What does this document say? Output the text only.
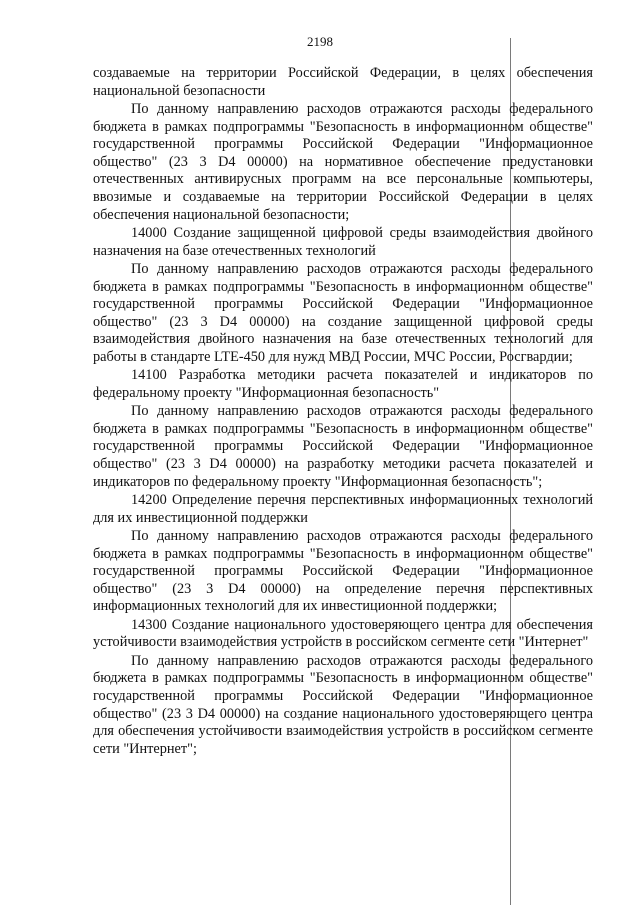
2198

создаваемые на территории Российской Федерации, в целях обеспечения национальной безопасности

По данному направлению расходов отражаются расходы федерального бюджета в рамках подпрограммы "Безопасность в информационном обществе" государственной программы Российской Федерации "Информационное общество" (23 3 D4 00000) на нормативное обеспечение предустановки отечественных антивирусных программ на все персональные компьютеры, ввозимые и создаваемые на территории Российской Федерации в целях обеспечения национальной безопасности;

14000 Создание защищенной цифровой среды взаимодействия двойного назначения на базе отечественных технологий

По данному направлению расходов отражаются расходы федерального бюджета в рамках подпрограммы "Безопасность в информационном обществе" государственной программы Российской Федерации "Информационное общество" (23 3 D4 00000) на создание защищенной цифровой среды взаимодействия двойного назначения на базе отечественных технологий для работы в стандарте LTE-450 для нужд МВД России, МЧС России, Росгвардии;

14100 Разработка методики расчета показателей и индикаторов по федеральному проекту "Информационная безопасность"

По данному направлению расходов отражаются расходы федерального бюджета в рамках подпрограммы "Безопасность в информационном обществе" государственной программы Российской Федерации "Информационное общество" (23 3 D4 00000) на разработку методики расчета показателей и индикаторов по федеральному проекту "Информационная безопасность";

14200 Определение перечня перспективных информационных технологий для их инвестиционной поддержки

По данному направлению расходов отражаются расходы федерального бюджета в рамках подпрограммы "Безопасность в информационном обществе" государственной программы Российской Федерации "Информационное общество" (23 3 D4 00000) на определение перечня перспективных информационных технологий для их инвестиционной поддержки;

14300 Создание национального удостоверяющего центра для обеспечения устойчивости взаимодействия устройств в российском сегменте сети "Интернет"

По данному направлению расходов отражаются расходы федерального бюджета в рамках подпрограммы "Безопасность в информационном обществе" государственной программы Российской Федерации "Информационное общество" (23 3 D4 00000) на создание национального удостоверяющего центра для обеспечения устойчивости взаимодействия устройств в российском сегменте сети "Интернет";
